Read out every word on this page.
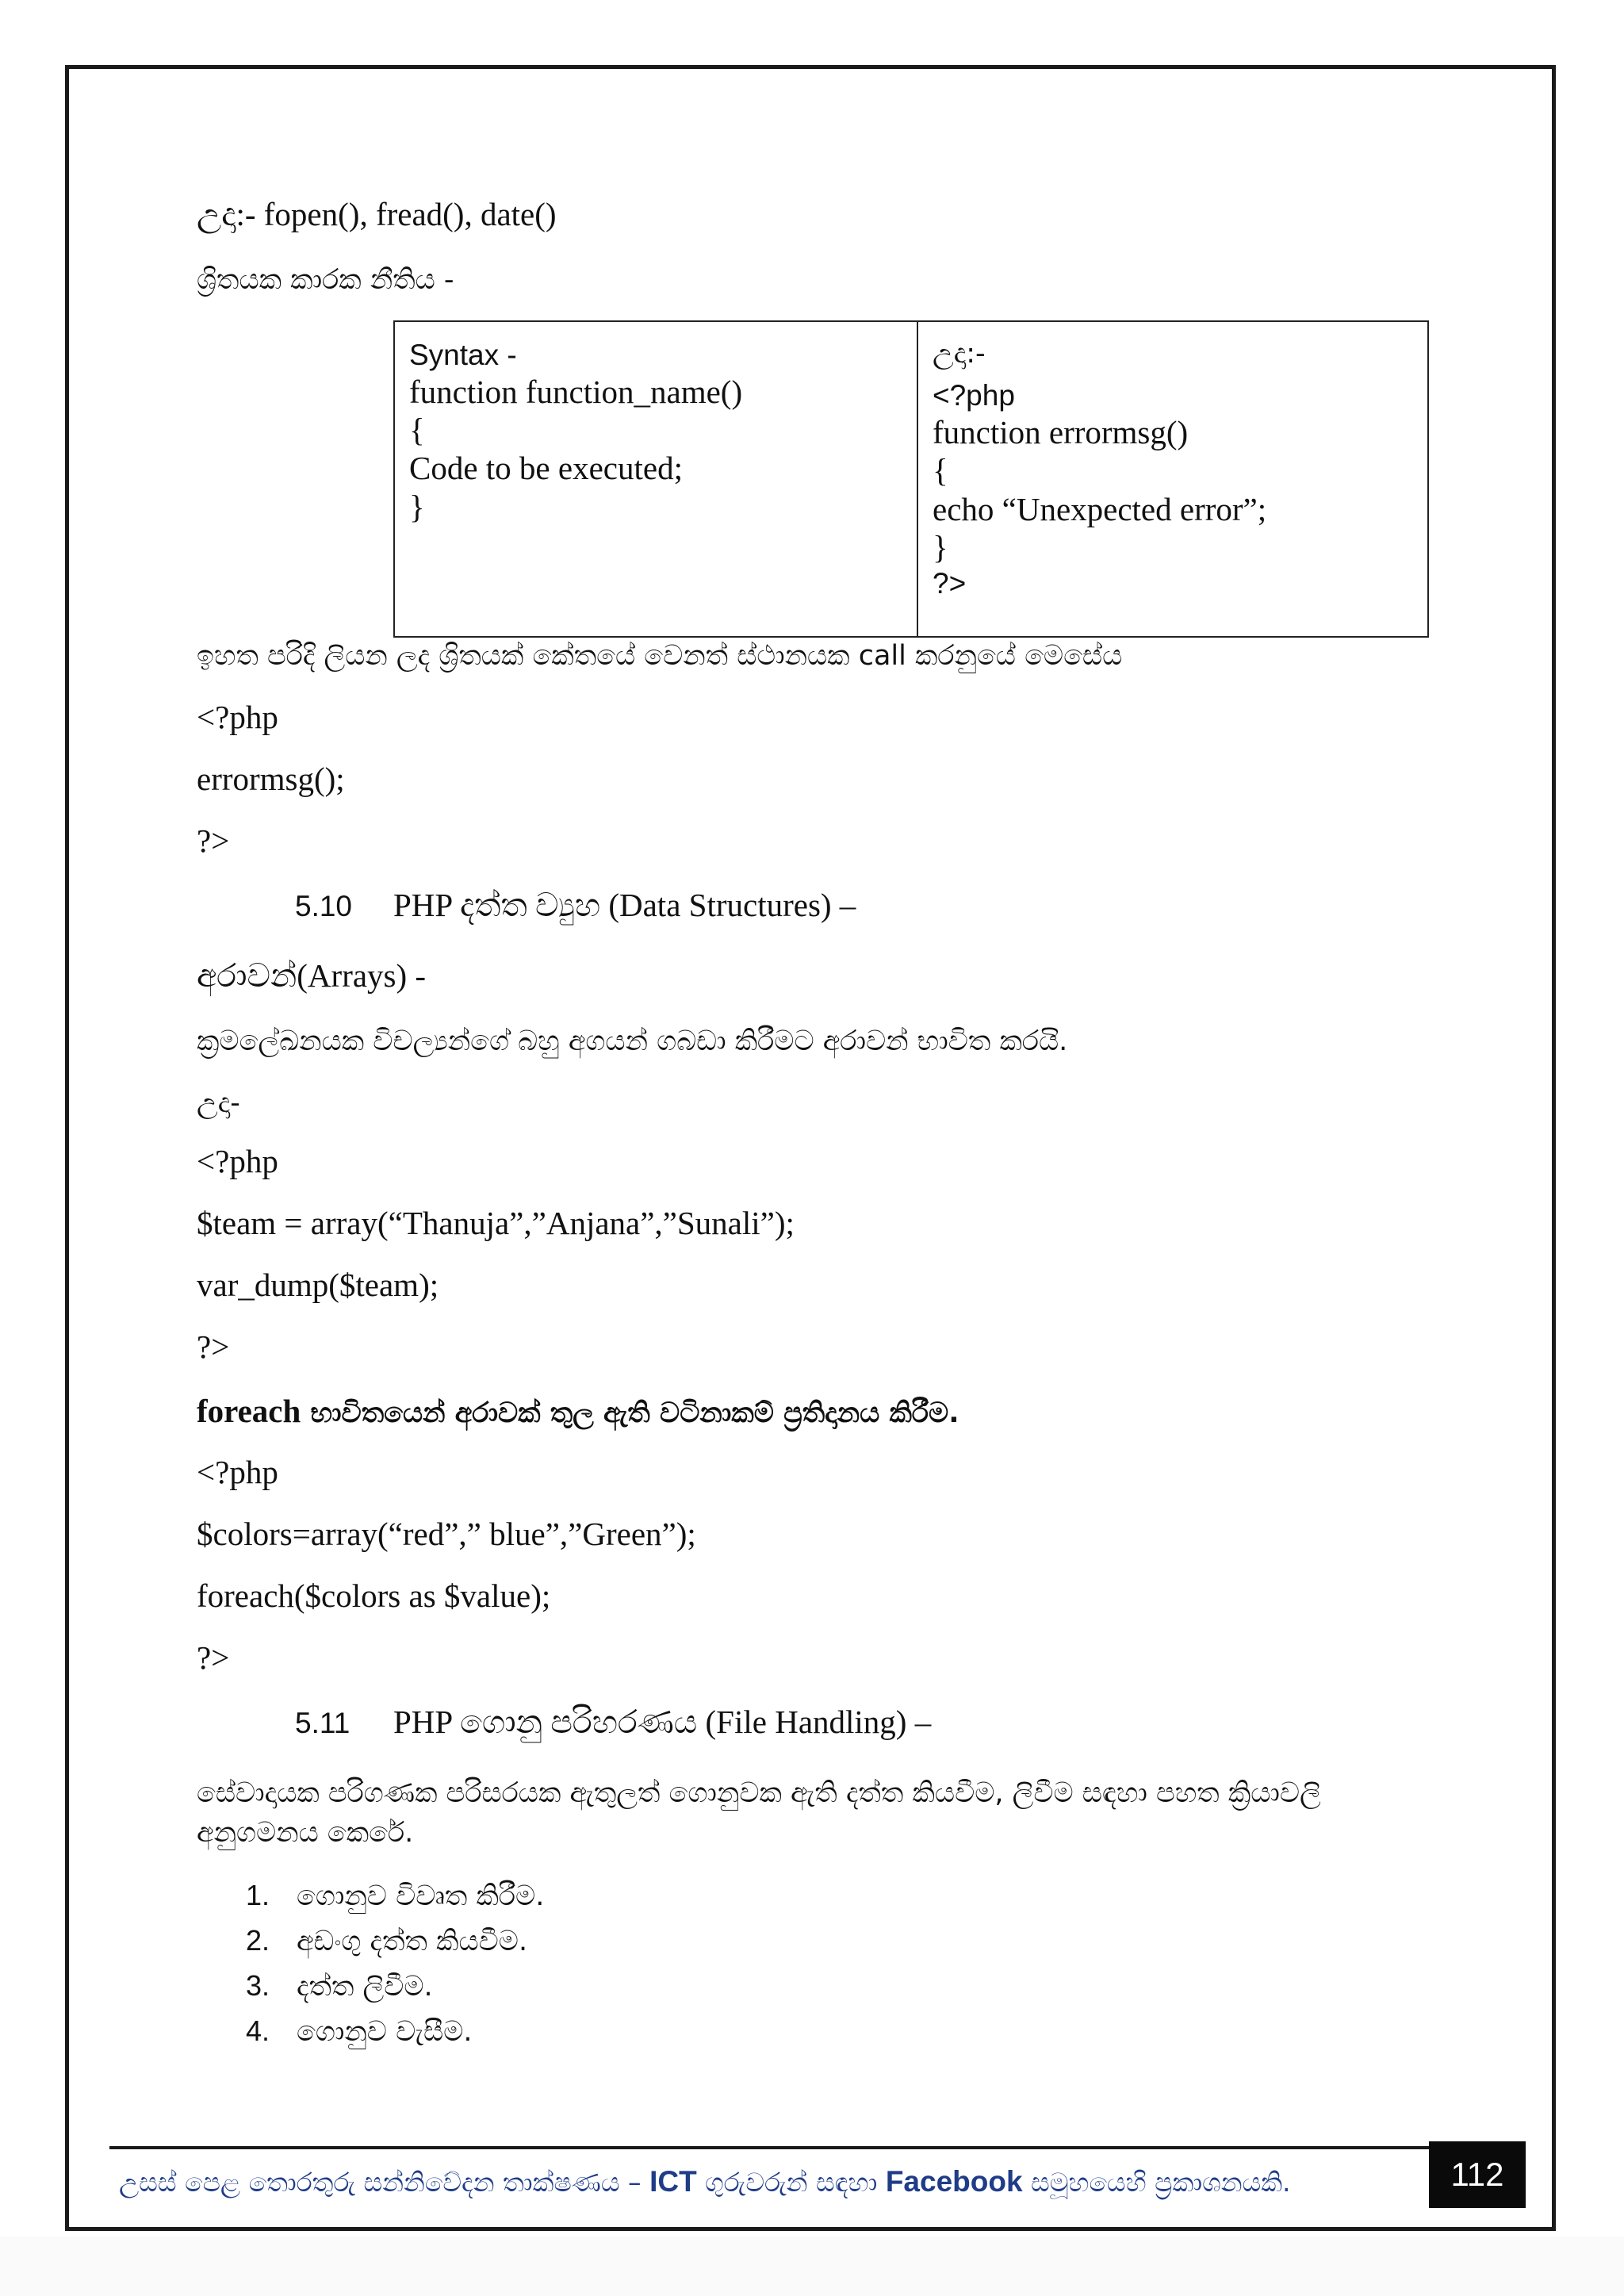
උදා:- fopen(), fread(), date()
ශ්‍රිතයක කාරක නීතිය -
Syntax -
function function_name()
{
Code to be executed;
}

උදා:-
<?php
function errormsg()
{
echo “Unexpected error”;
}
?>
ඉහත පරිදි ලියන ලද ශ්‍රිතයක් කේතයේ වෙනත් ස්ථානයක call කරනුයේ මෙසේය
<?php
errormsg();
?>
5.10 PHP දත්ත ව්‍යුහ (Data Structures) –
අරාවන්(Arrays) -
ක්‍රමලේඛනයක විචල්‍යන්ගේ බහු අගයන් ගබඩා කිරීමට අරාවන් භාවිත කරයි.
උදා-
<?php
$team = array(“Thanuja”,”Anjana”,”Sunali”);
var_dump($team);
?>
foreach භාවිතයෙන් අරාවක් තුල ඇති වටිනාකම් ප්‍රතිදානය කිරීම.
<?php
$colors=array(“red”,” blue”,”Green”);
foreach($colors as $value);
?>
5.11 PHP ගොනු පරිහරණය (File Handling) –
සේවාදායක පරිගණක පරිසරයක ඇතුලත් ගොනුවක ඇති දත්ත කියවීම, ලිවීම සඳහා පහත ක්‍රියාවලි
අනුගමනය කෙරේ.
1. ගොනුව විවෘත කිරීම.
2. අඩංගු දත්ත කියවීම.
3. දත්ත ලිවීම.
4. ගොනුව වැසීම.
උසස් පෙළ තොරතුරු සන්නිවේදන තාක්ෂණය – ICT ගුරුවරුන් සඳහා Facebook සමූහයෙහි ප්‍රකාශනයකි.	112
